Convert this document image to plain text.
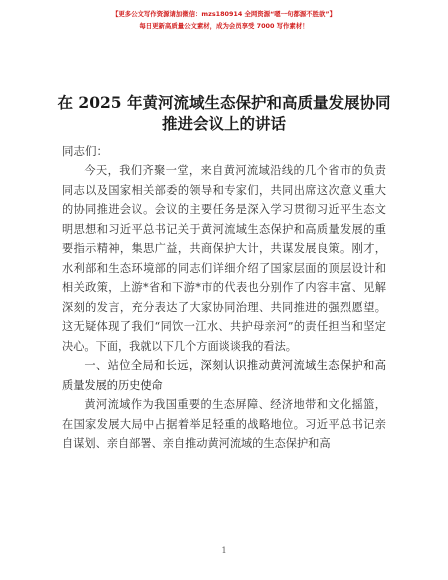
【更多公文写作资源请加微信：mzs180914 全网资源“嗯一句都源不胜欲”】
每日更新高质量公文素材，成为会员享受 7000 写作素材！
在 2025 年黄河流域生态保护和高质量发展协同
推进会议上的讲话
同志们：

今天，我们齐聚一堂，来自黄河流域沿线的几个省市的负责同志以及国家相关部委的领导和专家们，共同出席这次意义重大的协同推进会议。会议的主要任务是深入学习贯彻习近平生态文明思想和习近平总书记关于黄河流域生态保护和高质量发展的重要指示精神，集思广益，共商保护大计，共谋发展良策。刚才，水利部和生态环境部的同志们详细介绍了国家层面的顶层设计和相关政策，上游*省和下游*市的代表也分别作了内容丰富、见解深刻的发言，充分表达了大家协同治理、共同推进的强烈愿望。这无疑体现了我们“同饮一江水、共护母亲河”的责任担当和坚定决心。下面，我就以下几个方面谈谈我的看法。

一、站位全局和长远，深刻认识推动黄河流域生态保护和高质量发展的历史使命

黄河流域作为我国重要的生态屏障、经济地带和文化摇篮，在国家发展大局中占据着举足轻重的战略地位。习近平总书记亲自谋划、亲自部署、亲自推动黄河流域的生态保护和高

1
